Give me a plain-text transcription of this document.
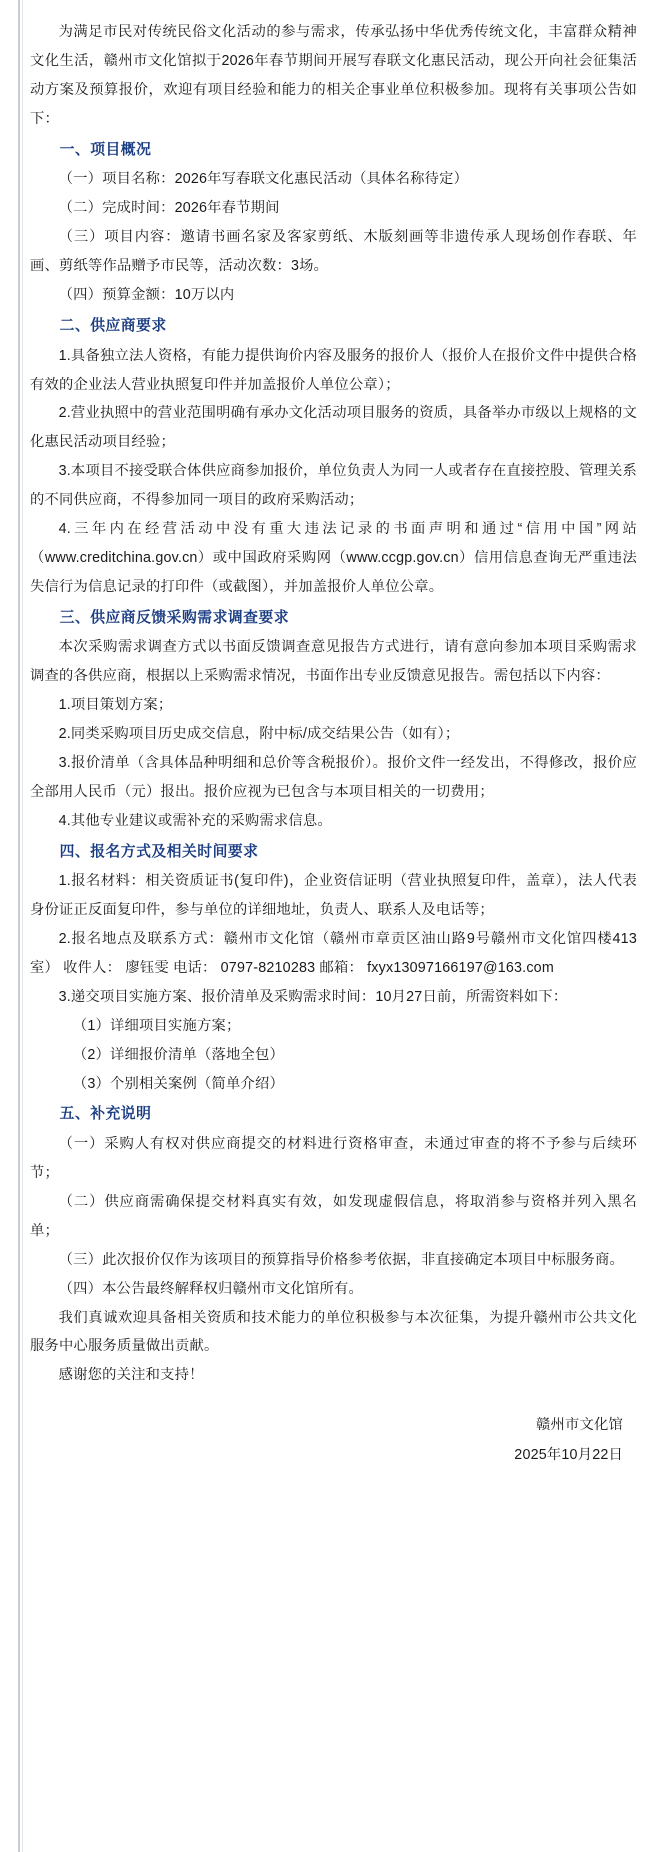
为满足市民对传统民俗文化活动的参与需求，传承弘扬中华优秀传统文化，丰富群众精神文化生活，赣州市文化馆拟于2026年春节期间开展写春联文化惠民活动，现公开向社会征集活动方案及预算报价，欢迎有项目经验和能力的相关企事业单位积极参加。现将有关事项公告如下：

一、项目概况

（一）项目名称：2026年写春联文化惠民活动（具体名称待定）

（二）完成时间：2026年春节期间

（三）项目内容：邀请书画名家及客家剪纸、木版刻画等非遗传承人现场创作春联、年画、剪纸等作品赠予市民等，活动次数：3场。

（四）预算金额：10万以内

二、供应商要求

1.具备独立法人资格，有能力提供询价内容及服务的报价人（报价人在报价文件中提供合格有效的企业法人营业执照复印件并加盖报价人单位公章）；

2.营业执照中的营业范围明确有承办文化活动项目服务的资质，具备举办市级以上规格的文化惠民活动项目经验；

3.本项目不接受联合体供应商参加报价，单位负责人为同一人或者存在直接控股、管理关系的不同供应商，不得参加同一项目的政府采购活动；

4.三年内在经营活动中没有重大违法记录的书面声明和通过“信用中国”网站（www.creditchina.gov.cn）或中国政府采购网（www.ccgp.gov.cn）信用信息查询无严重违法失信行为信息记录的打印件（或截图），并加盖报价人单位公章。

三、供应商反馈采购需求调查要求

本次采购需求调查方式以书面反馈调查意见报告方式进行，请有意向参加本项目采购需求调查的各供应商，根据以上采购需求情况，书面作出专业反馈意见报告。需包括以下内容：

1.项目策划方案；

2.同类采购项目历史成交信息，附中标/成交结果公告（如有）；

3.报价清单（含具体品种明细和总价等含税报价）。报价文件一经发出，不得修改，报价应全部用人民币（元）报出。报价应视为已包含与本项目相关的一切费用；

4.其他专业建议或需补充的采购需求信息。

四、报名方式及相关时间要求

1.报名材料：相关资质证书(复印件)，企业资信证明（营业执照复印件，盖章），法人代表身份证正反面复印件，参与单位的详细地址，负责人、联系人及电话等；

2.报名地点及联系方式：赣州市文化馆（赣州市章贡区油山路9号赣州市文化馆四楼413室） 收件人： 廖钰雯 电话： 0797-8210283 邮箱： fxyx13097166197@163.com

3.递交项目实施方案、报价清单及采购需求时间：10月27日前，所需资料如下：

（1）详细项目实施方案；

（2）详细报价清单（落地全包）

（3）个别相关案例（简单介绍）

五、补充说明

（一）采购人有权对供应商提交的材料进行资格审查，未通过审查的将不予参与后续环节；

（二）供应商需确保提交材料真实有效，如发现虚假信息，将取消参与资格并列入黑名单；

（三）此次报价仅作为该项目的预算指导价格参考依据，非直接确定本项目中标服务商。

（四）本公告最终解释权归赣州市文化馆所有。

我们真诚欢迎具备相关资质和技术能力的单位积极参与本次征集，为提升赣州市公共文化服务中心服务质量做出贡献。

感谢您的关注和支持！

赣州市文化馆
2025年10月22日
